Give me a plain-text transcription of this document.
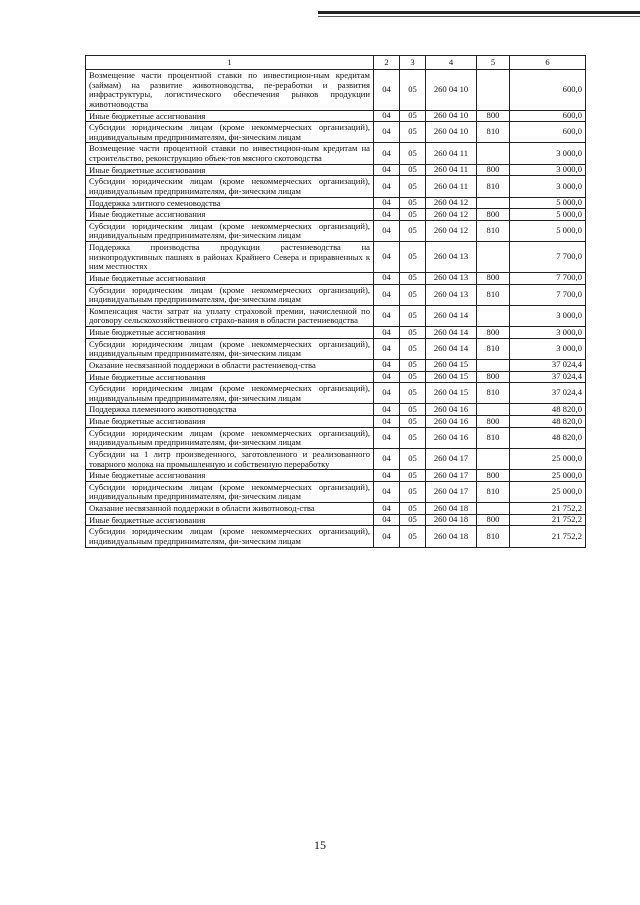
1	2	3	4	5	6
Возмещение части процентной ставки по инвестицион-ным кредитам (займам) на развитие животноводства, пе-реработки и развития инфраструктуры, логистического обеспечения рынков продукции животноводства	04	05	260 04 10		600,0
Иные бюджетные ассигнования	04	05	260 04 10	800	600,0
Субсидии юридическим лицам (кроме некоммерческих организаций), индивидуальным предпринимателям, фи-зическим лицам	04	05	260 04 10	810	600,0
Возмещение части процентной ставки по инвестицион-ным кредитам на строительство, реконструкцию объек-тов мясного скотоводства	04	05	260 04 11		3 000,0
Иные бюджетные ассигнования	04	05	260 04 11	800	3 000,0
Субсидии юридическим лицам (кроме некоммерческих организаций), индивидуальным предпринимателям, фи-зическим лицам	04	05	260 04 11	810	3 000,0
Поддержка элитного семеноводства	04	05	260 04 12		5 000,0
Иные бюджетные ассигнования	04	05	260 04 12	800	5 000,0
Субсидии юридическим лицам (кроме некоммерческих организаций), индивидуальным предпринимателям, фи-зическим лицам	04	05	260 04 12	810	5 000,0
Поддержка производства продукции растениеводства на низкопродуктивных пашнях в районах Крайнего Севера и приравненных к ним местностях	04	05	260 04 13		7 700,0
Иные бюджетные ассигнования	04	05	260 04 13	800	7 700,0
Субсидии юридическим лицам (кроме некоммерческих организаций), индивидуальным предпринимателям, фи-зическим лицам	04	05	260 04 13	810	7 700,0
Компенсация части затрат на уплату страховой премии, начисленной по договору сельскохозяйственного страхо-вания в области растениеводства	04	05	260 04 14		3 000,0
Иные бюджетные ассигнования	04	05	260 04 14	800	3 000,0
Субсидии юридическим лицам (кроме некоммерческих организаций), индивидуальным предпринимателям, фи-зическим лицам	04	05	260 04 14	810	3 000,0
Оказание несвязанной поддержки в области растениевод-ства	04	05	260 04 15		37 024,4
Иные бюджетные ассигнования	04	05	260 04 15	800	37 024,4
Субсидии юридическим лицам (кроме некоммерческих организаций), индивидуальным предпринимателям, фи-зическим лицам	04	05	260 04 15	810	37 024,4
Поддержка племенного животноводства	04	05	260 04 16		48 820,0
Иные бюджетные ассигнования	04	05	260 04 16	800	48 820,0
Субсидии юридическим лицам (кроме некоммерческих организаций), индивидуальным предпринимателям, фи-зическим лицам	04	05	260 04 16	810	48 820,0
Субсидии на 1 литр произведенного, заготовленного и реализованного товарного молока на промышленную и собственную переработку	04	05	260 04 17		25 000,0
Иные бюджетные ассигнования	04	05	260 04 17	800	25 000,0
Субсидии юридическим лицам (кроме некоммерческих организаций), индивидуальным предпринимателям, фи-зическим лицам	04	05	260 04 17	810	25 000,0
Оказание несвязанной поддержки в области животновод-ства	04	05	260 04 18		21 752,2
Иные бюджетные ассигнования	04	05	260 04 18	800	21 752,2
Субсидии юридическим лицам (кроме некоммерческих организаций), индивидуальным предпринимателям, фи-зическим лицам	04	05	260 04 18	810	21 752,2
15
